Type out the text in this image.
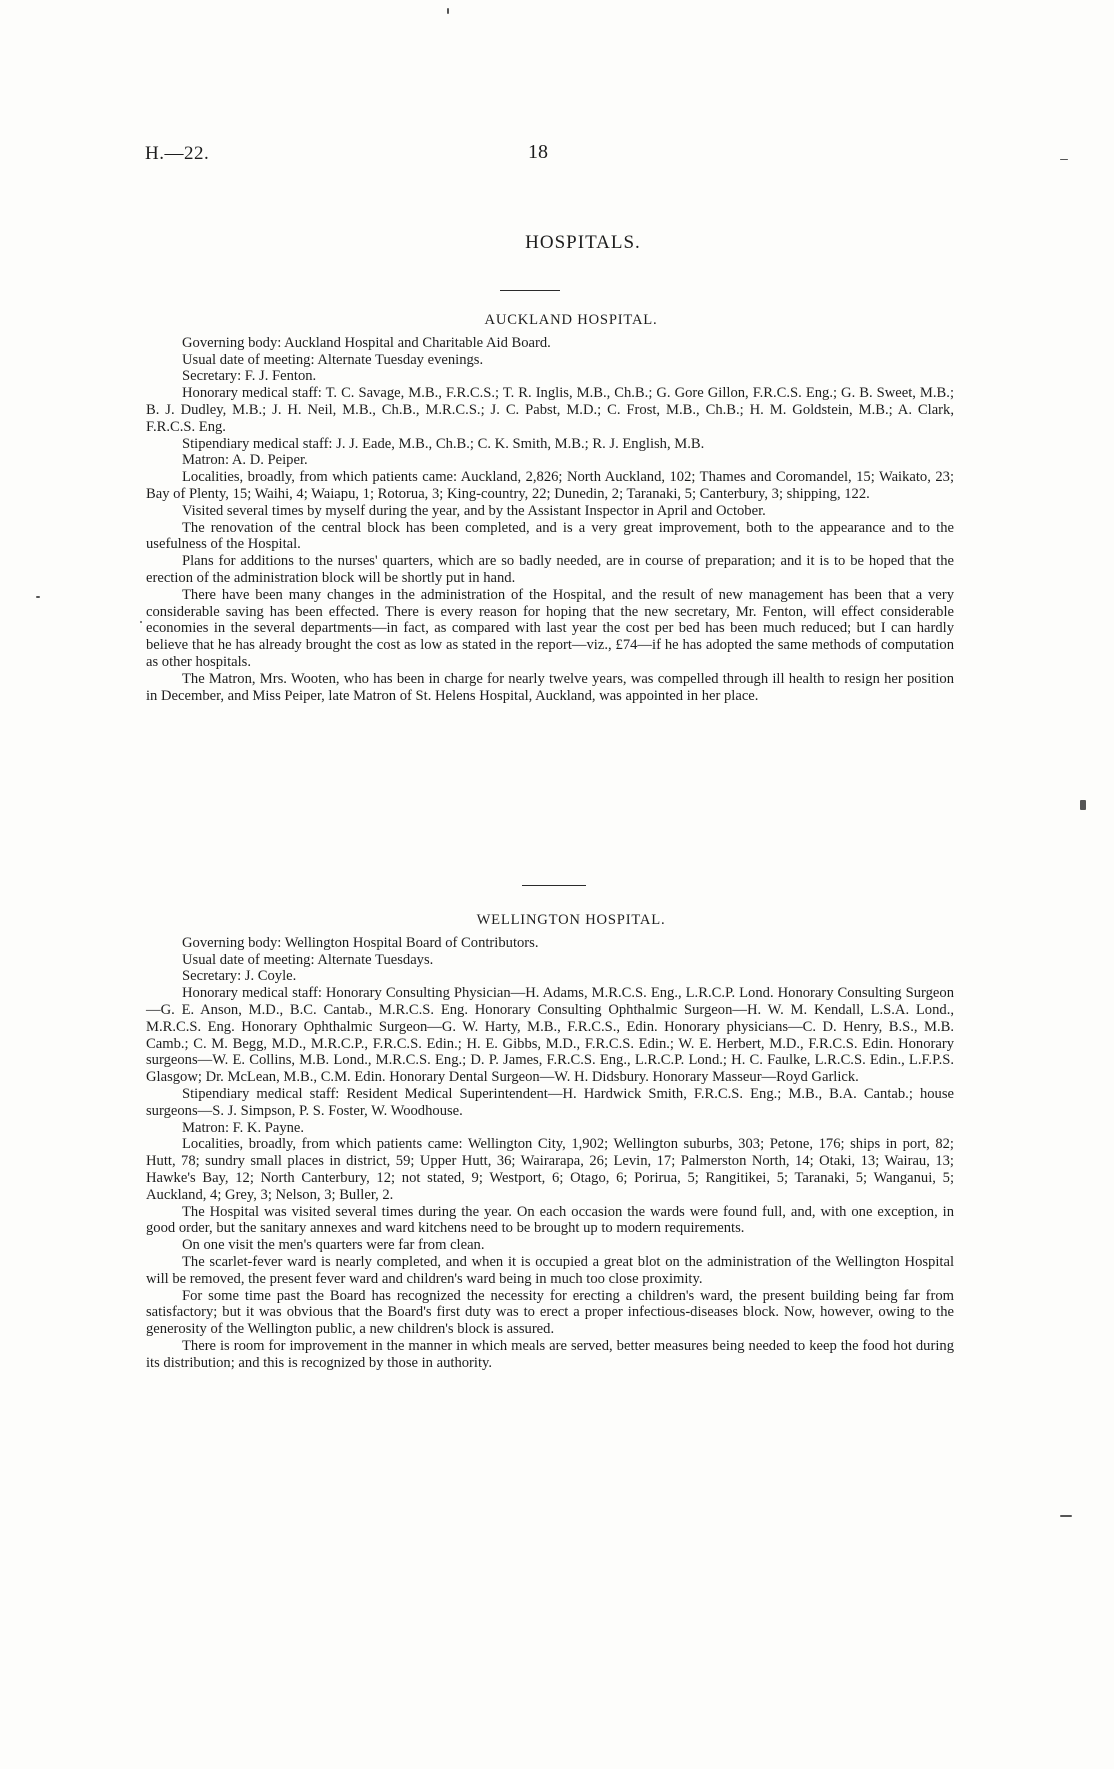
H.—22.	18
HOSPITALS.
AUCKLAND HOSPITAL.

Governing body: Auckland Hospital and Charitable Aid Board.

Usual date of meeting: Alternate Tuesday evenings.

Secretary: F. J. Fenton.

Honorary medical staff: T. C. Savage, M.B., F.R.C.S.; T. R. Inglis, M.B., Ch.B.; G. Gore Gillon, F.R.C.S. Eng.; G. B. Sweet, M.B.; B. J. Dudley, M.B.; J. H. Neil, M.B., Ch.B., M.R.C.S.; J. C. Pabst, M.D.; C. Frost, M.B., Ch.B.; H. M. Goldstein, M.B.; A. Clark, F.R.C.S. Eng.

Stipendiary medical staff: J. J. Eade, M.B., Ch.B.; C. K. Smith, M.B.; R. J. English, M.B.

Matron: A. D. Peiper.

Localities, broadly, from which patients came: Auckland, 2,826; North Auckland, 102; Thames and Coromandel, 15; Waikato, 23; Bay of Plenty, 15; Waihi, 4; Waiapu, 1; Rotorua, 3; King-country, 22; Dunedin, 2; Taranaki, 5; Canterbury, 3; shipping, 122.

Visited several times by myself during the year, and by the Assistant Inspector in April and October.

The renovation of the central block has been completed, and is a very great improvement, both to the appearance and to the usefulness of the Hospital.

Plans for additions to the nurses' quarters, which are so badly needed, are in course of preparation; and it is to be hoped that the erection of the administration block will be shortly put in hand.

There have been many changes in the administration of the Hospital, and the result of new management has been that a very considerable saving has been effected. There is every reason for hoping that the new secretary, Mr. Fenton, will effect considerable economies in the several departments—in fact, as compared with last year the cost per bed has been much reduced; but I can hardly believe that he has already brought the cost as low as stated in the report—viz., £74—if he has adopted the same methods of computation as other hospitals.

The Matron, Mrs. Wooten, who has been in charge for nearly twelve years, was compelled through ill health to resign her position in December, and Miss Peiper, late Matron of St. Helens Hospital, Auckland, was appointed in her place.

WELLINGTON HOSPITAL.

Governing body: Wellington Hospital Board of Contributors.

Usual date of meeting: Alternate Tuesdays.

Secretary: J. Coyle.

Honorary medical staff: Honorary Consulting Physician—H. Adams, M.R.C.S. Eng., L.R.C.P. Lond. Honorary Consulting Surgeon—G. E. Anson, M.D., B.C. Cantab., M.R.C.S. Eng. Honorary Consulting Ophthalmic Surgeon—H. W. M. Kendall, L.S.A. Lond., M.R.C.S. Eng. Honorary Ophthalmic Surgeon—G. W. Harty, M.B., F.R.C.S., Edin. Honorary physicians—C. D. Henry, B.S., M.B. Camb.; C. M. Begg, M.D., M.R.C.P., F.R.C.S. Edin.; H. E. Gibbs, M.D., F.R.C.S. Edin.; W. E. Herbert, M.D., F.R.C.S. Edin. Honorary surgeons—W. E. Collins, M.B. Lond., M.R.C.S. Eng.; D. P. James, F.R.C.S. Eng., L.R.C.P. Lond.; H. C. Faulke, L.R.C.S. Edin., L.F.P.S. Glasgow; Dr. McLean, M.B., C.M. Edin. Honorary Dental Surgeon—W. H. Didsbury. Honorary Masseur—Royd Garlick.

Stipendiary medical staff: Resident Medical Superintendent—H. Hardwick Smith, F.R.C.S. Eng.; M.B., B.A. Cantab.; house surgeons—S. J. Simpson, P. S. Foster, W. Woodhouse.

Matron: F. K. Payne.

Localities, broadly, from which patients came: Wellington City, 1,902; Wellington suburbs, 303; Petone, 176; ships in port, 82; Hutt, 78; sundry small places in district, 59; Upper Hutt, 36; Wairarapa, 26; Levin, 17; Palmerston North, 14; Otaki, 13; Wairau, 13; Hawke's Bay, 12; North Canterbury, 12; not stated, 9; Westport, 6; Otago, 6; Porirua, 5; Rangitikei, 5; Taranaki, 5; Wanganui, 5; Auckland, 4; Grey, 3; Nelson, 3; Buller, 2.

The Hospital was visited several times during the year. On each occasion the wards were found full, and, with one exception, in good order, but the sanitary annexes and ward kitchens need to be brought up to modern requirements.

On one visit the men's quarters were far from clean.

The scarlet-fever ward is nearly completed, and when it is occupied a great blot on the administration of the Wellington Hospital will be removed, the present fever ward and children's ward being in much too close proximity.

For some time past the Board has recognized the necessity for erecting a children's ward, the present building being far from satisfactory; but it was obvious that the Board's first duty was to erect a proper infectious-diseases block. Now, however, owing to the generosity of the Wellington public, a new children's block is assured.

There is room for improvement in the manner in which meals are served, better measures being needed to keep the food hot during its distribution; and this is recognized by those in authority.
